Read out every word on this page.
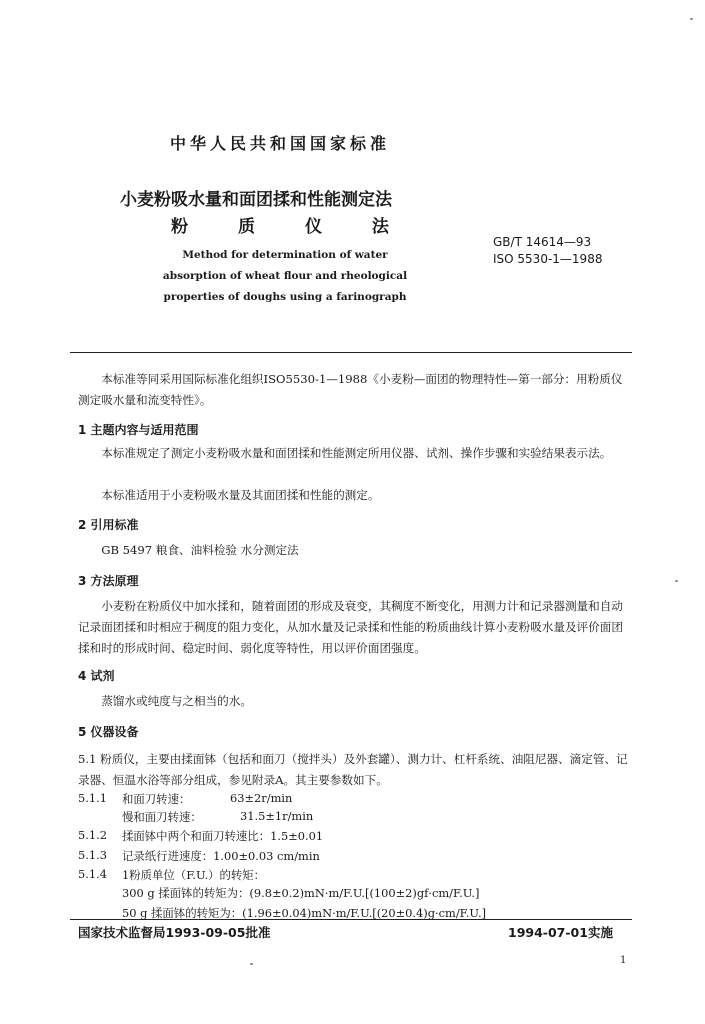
中华人民共和国国家标准
小麦粉吸水量和面团揉和性能测定法
粉 质 仪 法
Method for determination of water absorption of wheat flour and rheological properties of doughs using a farinograph
GB/T 14614—93
ISO 5530-1—1988
本标准等同采用国际标准化组织ISO5530-1—1988《小麦粉—面团的物理特性—第一部分：用粉质仪测定吸水量和流变特性》。
1 主题内容与适用范围
本标准规定了测定小麦粉吸水量和面团揉和性能测定所用仪器、试剂、操作步骤和实验结果表示法。
本标准适用于小麦粉吸水量及其面团揉和性能的测定。
2 引用标准
GB 5497 粮食、油料检验 水分测定法
3 方法原理
小麦粉在粉质仪中加水揉和，随着面团的形成及衰变，其稠度不断变化，用测力计和记录器测量和自动记录面团揉和时相应于稠度的阻力变化，从加水量及记录揉和性能的粉质曲线计算小麦粉吸水量及评价面团揉和时的形成时间、稳定时间、弱化度等特性，用以评价面团强度。
4 试剂
蒸馏水或纯度与之相当的水。
5 仪器设备
5.1 粉质仪，主要由揉面钵（包括和面刀（搅拌头）及外套罐）、测力计、杠杆系统、油阻尼器、滴定管、记录器、恒温水浴等部分组成，参见附录A。其主要参数如下。
5.1.1 和面刀转速：	63±2r/min
慢和面刀转速：	31.5±1r/min
5.1.2 揉面钵中两个和面刀转速比：1.5±0.01
5.1.3 记录纸行进速度：1.00±0.03 cm/min
5.1.4 1粉质单位（F.U.）的转矩：
300 g 揉面钵的转矩为：(9.8±0.2)mN·m/F.U.[(100±2)gf·cm/F.U.]
50 g 揉面钵的转矩为：(1.96±0.04)mN·m/F.U.[(20±0.4)g·cm/F.U.]
国家技术监督局1993-09-05批准	1994-07-01实施
1
